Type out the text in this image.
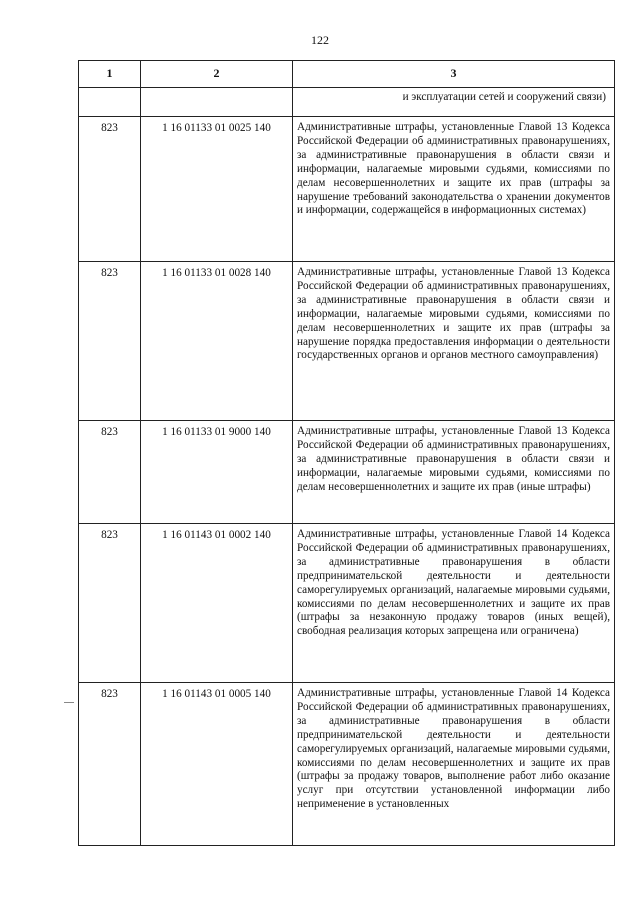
122
1	2	3
		и эксплуатации сетей и сооружений связи)
823	1 16 01133 01 0025 140	Административные штрафы, установленные Главой 13 Кодекса Российской Федерации об административных правонарушениях, за административные правонарушения в области связи и информации, налагаемые мировыми судьями, комиссиями по делам несовершеннолетних и защите их прав (штрафы за нарушение требований законодательства о хранении документов и информации, содержащейся в информационных системах)

823	1 16 01133 01 0028 140	Административные штрафы, установленные Главой 13 Кодекса Российской Федерации об административных правонарушениях, за административные правонарушения в области связи и информации, налагаемые мировыми судьями, комиссиями по делам несовершеннолетних и защите их прав (штрафы за нарушение порядка предоставления информации о деятельности государственных органов и органов местного самоуправления)

823	1 16 01133 01 9000 140	Административные штрафы, установленные Главой 13 Кодекса Российской Федерации об административных правонарушениях, за административные правонарушения в области связи и информации, налагаемые мировыми судьями, комиссиями по делам несовершеннолетних и защите их прав (иные штрафы)

823	1 16 01143 01 0002 140	Административные штрафы, установленные Главой 14 Кодекса Российской Федерации об административных правонарушениях, за административные правонарушения в области предпринимательской деятельности и деятельности саморегулируемых организаций, налагаемые мировыми судьями, комиссиями по делам несовершеннолетних и защите их прав (штрафы за незаконную продажу товаров (иных вещей), свободная реализация которых запрещена или ограничена)

823	1 16 01143 01 0005 140	Административные штрафы, установленные Главой 14 Кодекса Российской Федерации об административных правонарушениях, за административные правонарушения в области предпринимательской деятельности и деятельности саморегулируемых организаций, налагаемые мировыми судьями, комиссиями по делам несовершеннолетних и защите их прав (штрафы за продажу товаров, выполнение работ либо оказание услуг при отсутствии установленной информации либо неприменение в установленных
